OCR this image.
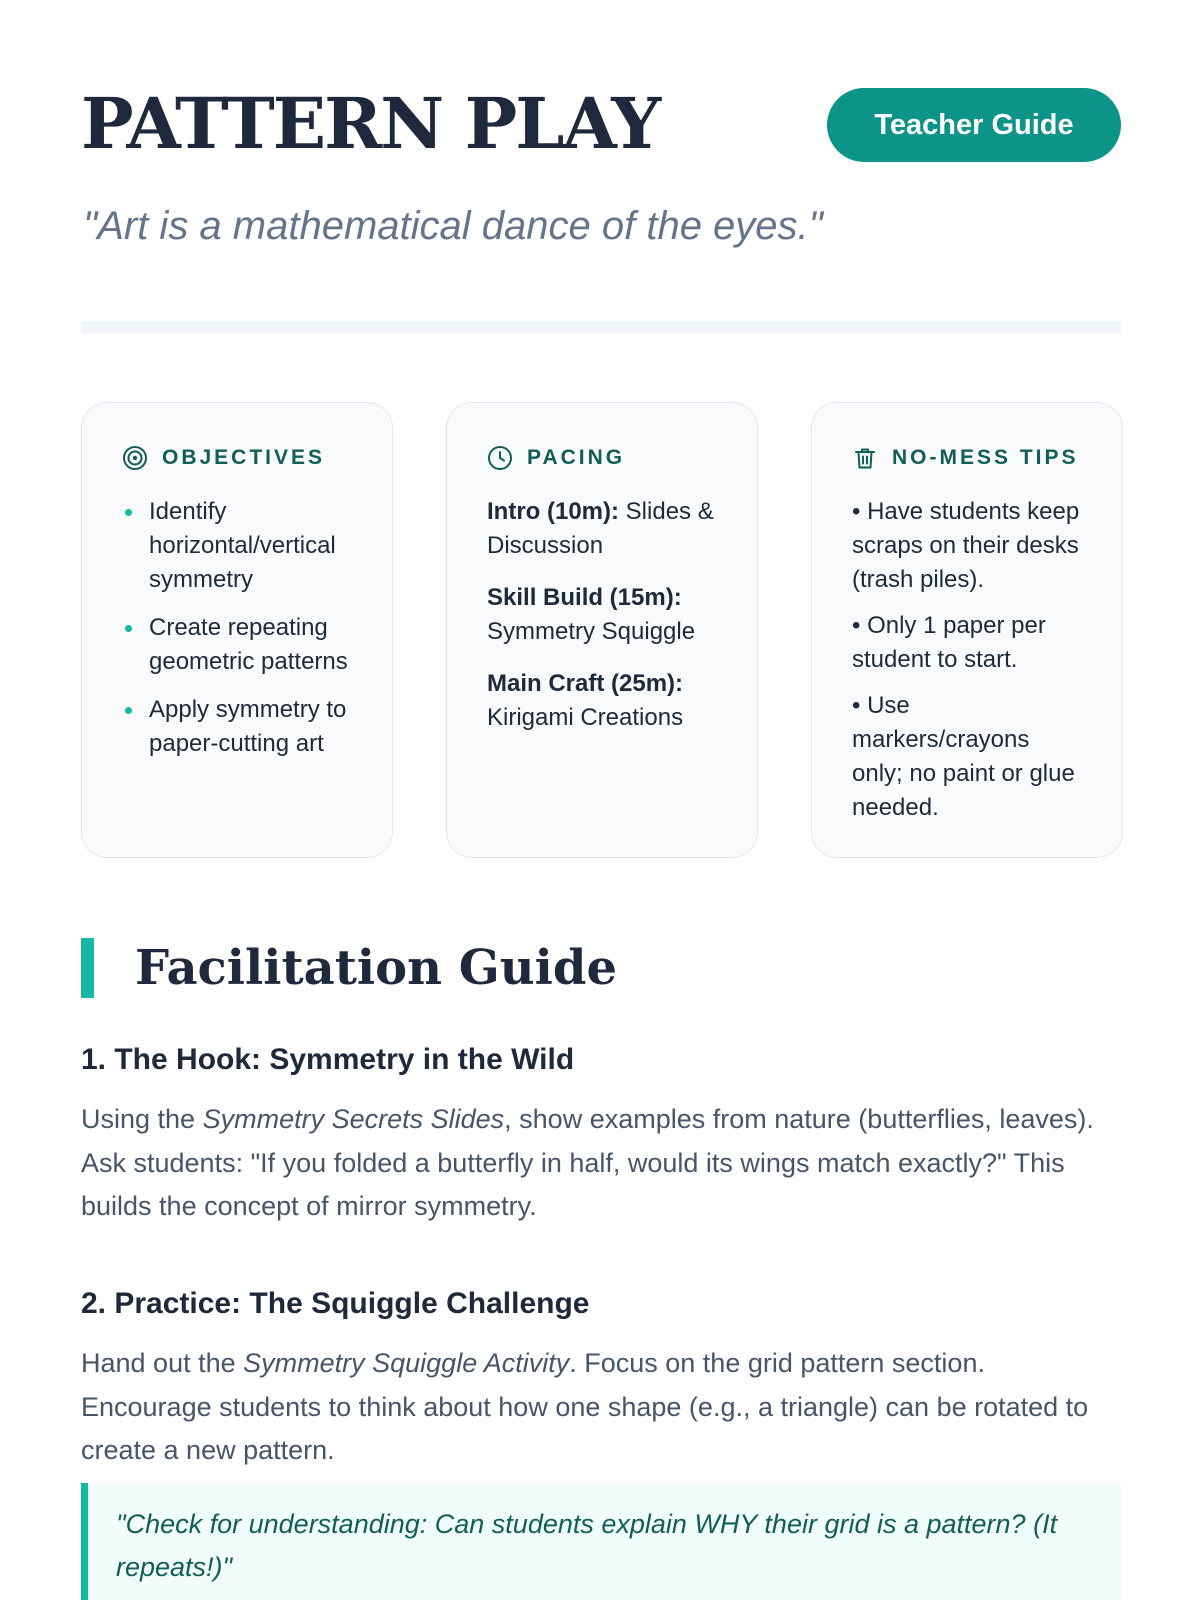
PATTERN PLAY	Teacher Guide

"Art is a mathematical dance of the eyes."

OBJECTIVES
Identify horizontal/vertical symmetry
Create repeating geometric patterns
Apply symmetry to paper-cutting art
PACING
Intro (10m): Slides & Discussion
Skill Build (15m): Symmetry Squiggle
Main Craft (25m): Kirigami Creations
NO-MESS TIPS
• Have students keep scraps on their desks (trash piles).
• Only 1 paper per student to start.
• Use markers/crayons only; no paint or glue needed.
Facilitation Guide
1. The Hook: Symmetry in the Wild

Using the Symmetry Secrets Slides, show examples from nature (butterflies, leaves). Ask students: "If you folded a butterfly in half, would its wings match exactly?" This builds the concept of mirror symmetry.

2. Practice: The Squiggle Challenge

Hand out the Symmetry Squiggle Activity. Focus on the grid pattern section. Encourage students to think about how one shape (e.g., a triangle) can be rotated to create a new pattern.

"Check for understanding: Can students explain WHY their grid is a pattern? (It repeats!)"
